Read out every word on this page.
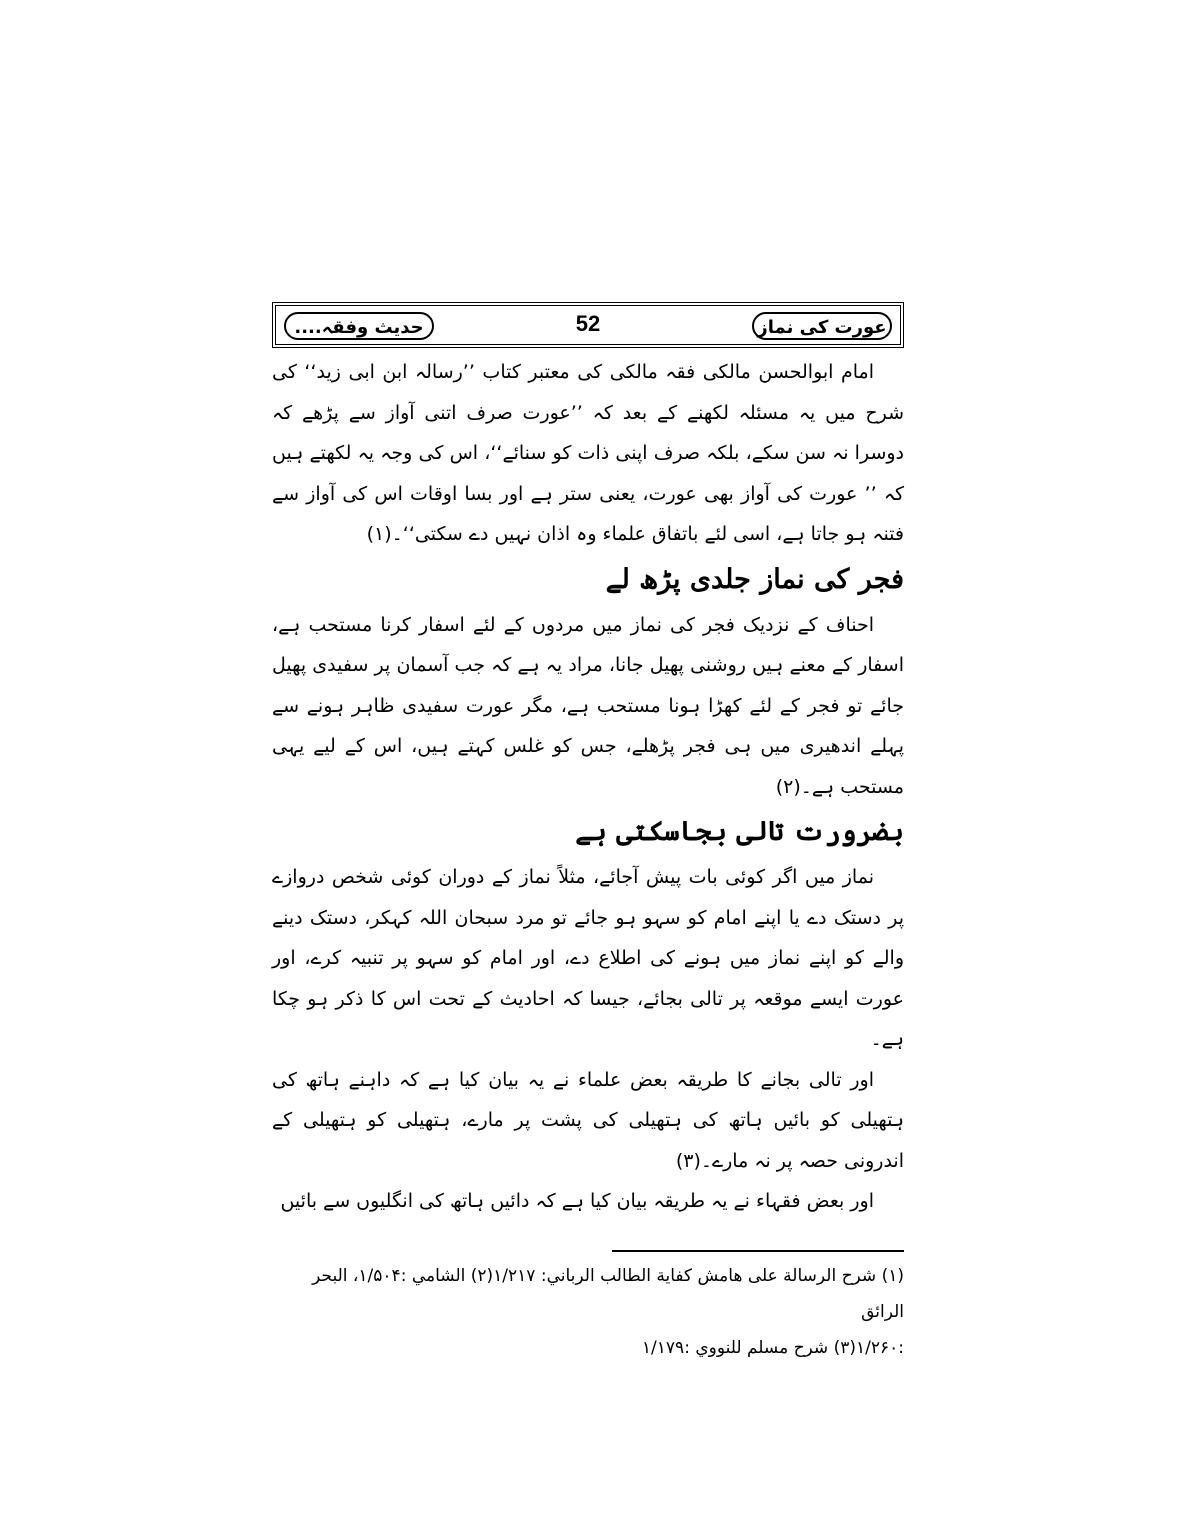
عورت کی نماز
52
حدیث وفقہ....

امام ابوالحسن مالکی فقہ مالکی کی معتبر کتاب ’’رسالہ ابن ابی زید‘‘ کی شرح میں یہ مسئلہ لکھنے کے بعد کہ ’’عورت صرف اتنی آواز سے پڑھے کہ دوسرا نہ سن سکے، بلکہ صرف اپنی ذات کو سنائے‘‘، اس کی وجہ یہ لکھتے ہیں کہ ’’ عورت کی آواز بھی عورت، یعنی ستر ہے اور بسا اوقات اس کی آواز سے فتنہ ہو جاتا ہے، اسی لئے باتفاق علماء وہ اذان نہیں دے سکتی‘‘۔(۱)

فجر کی نماز جلدی پڑھ لے

احناف کے نزدیک فجر کی نماز میں مردوں کے لئے اسفار کرنا مستحب ہے، اسفار کے معنے ہیں روشنی پھیل جانا، مراد یہ ہے کہ جب آسمان پر سفیدی پھیل جائے تو فجر کے لئے کھڑا ہونا مستحب ہے، مگر عورت سفیدی ظاہر ہونے سے پہلے اندھیری میں ہی فجر پڑھلے، جس کو غلس کہتے ہیں، اس کے لیے یہی مستحب ہے۔(۲)

بضرورت تالی بجاسکتی ہے

نماز میں اگر کوئی بات پیش آجائے، مثلاً نماز کے دوران کوئی شخص دروازے پر دستک دے یا اپنے امام کو سہو ہو جائے تو مرد سبحان اللہ کہکر، دستک دینے والے کو اپنے نماز میں ہونے کی اطلاع دے، اور امام کو سہو پر تنبیہ کرے، اور عورت ایسے موقعہ پر تالی بجائے، جیسا کہ احادیث کے تحت اس کا ذکر ہو چکا ہے۔

اور تالی بجانے کا طریقہ بعض علماء نے یہ بیان کیا ہے کہ داہنے ہاتھ کی ہتھیلی کو بائیں ہاتھ کی ہتھیلی کی پشت پر مارے، ہتھیلی کو ہتھیلی کے اندرونی حصہ پر نہ مارے۔(۳)

اور بعض فقہاء نے یہ طریقہ بیان کیا ہے کہ دائیں ہاتھ کی انگلیوں سے بائیں

(۱) شرح الرسالة على هامش كفاية الطالب الرباني: ۱/۲۱۷(۲) الشامي :۱/۵۰۴، البحر الرائق

:۱/۲۶۰(۳) شرح مسلم للنووي :۱/۱۷۹
